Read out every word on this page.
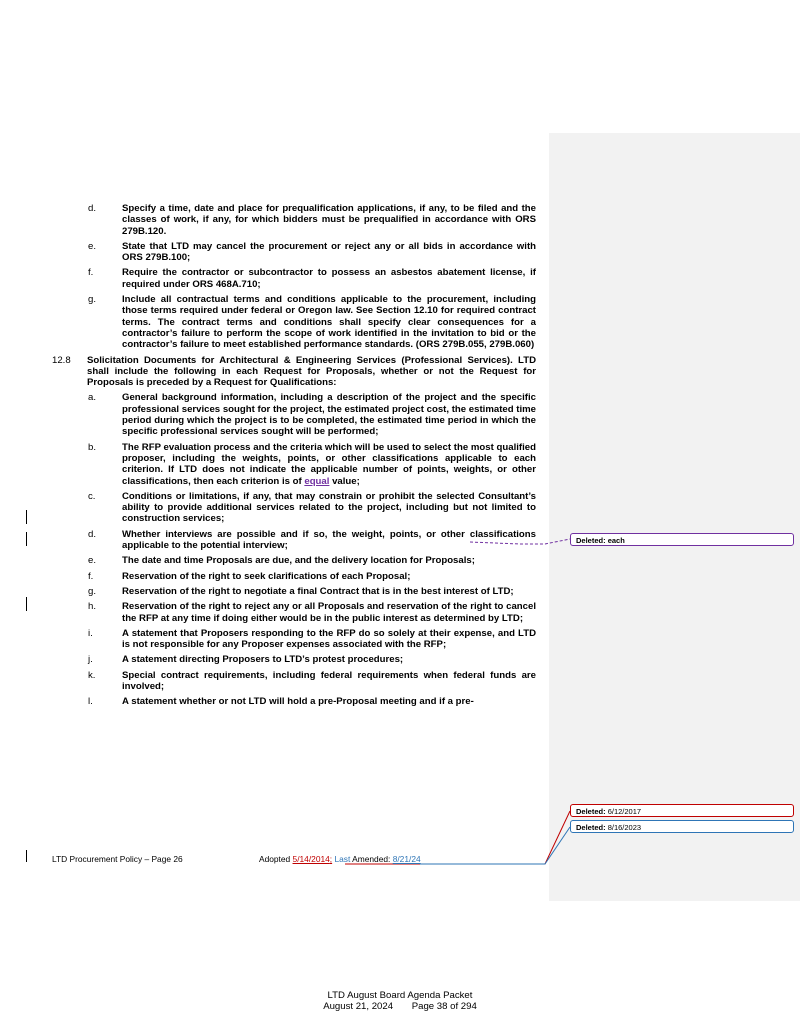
d.	Specify a time, date and place for prequalification applications, if any, to be filed and the classes of work, if any, for which bidders must be prequalified in accordance with ORS 279B.120.
e.	State that LTD may cancel the procurement or reject any or all bids in accordance with ORS 279B.100;
f.	Require the contractor or subcontractor to possess an asbestos abatement license, if required under ORS 468A.710;
g.	Include all contractual terms and conditions applicable to the procurement, including those terms required under federal or Oregon law. See Section 12.10 for required contract terms. The contract terms and conditions shall specify clear consequences for a contractor’s failure to perform the scope of work identified in the invitation to bid or the contractor’s failure to meet established performance standards. (ORS 279B.055, 279B.060)
12.8 Solicitation Documents for Architectural & Engineering Services (Professional Services). LTD shall include the following in each Request for Proposals, whether or not the Request for Proposals is preceded by a Request for Qualifications:
a.	General background information, including a description of the project and the specific professional services sought for the project, the estimated project cost, the estimated time period during which the project is to be completed, the estimated time period in which the specific professional services sought will be performed;
b.	The RFP evaluation process and the criteria which will be used to select the most qualified proposer, including the weights, points, or other classifications applicable to each criterion. If LTD does not indicate the applicable number of points, weights, or other classifications, then each criterion is of equal value;
c.	Conditions or limitations, if any, that may constrain or prohibit the selected Consultant’s ability to provide additional services related to the project, including but not limited to construction services;
d.	Whether interviews are possible and if so, the weight, points, or other classifications applicable to the potential interview;
e.	The date and time Proposals are due, and the delivery location for Proposals;
f.	Reservation of the right to seek clarifications of each Proposal;
g.	Reservation of the right to negotiate a final Contract that is in the best interest of LTD;
h.	Reservation of the right to reject any or all Proposals and reservation of the right to cancel the RFP at any time if doing either would be in the public interest as determined by LTD;
i.	A statement that Proposers responding to the RFP do so solely at their expense, and LTD is not responsible for any Proposer expenses associated with the RFP;
j.	A statement directing Proposers to LTD’s protest procedures;
k.	Special contract requirements, including federal requirements when federal funds are involved;
l.	A statement whether or not LTD will hold a pre-Proposal meeting and if a pre-
Deleted: each
Deleted: 6/12/2017
Deleted: 8/16/2023
LTD Procurement Policy – Page 26	Adopted 5/14/2014; Last Amended: 8/21/24
LTD August Board Agenda Packet
August 21, 2024       Page 38 of 294
